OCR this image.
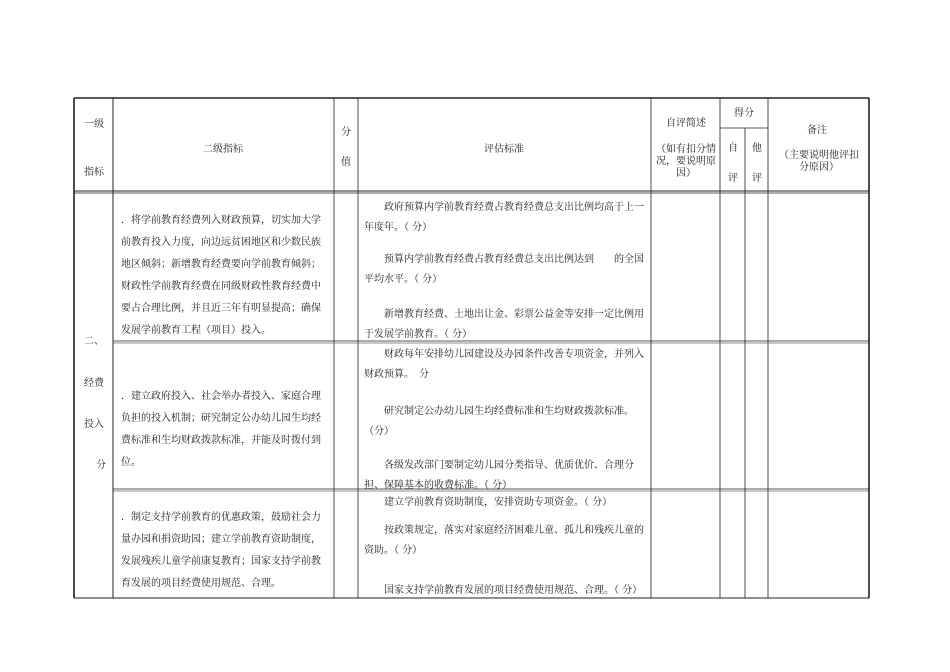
一级
指标
二级指标
分
值
评估标准
自评简述
（如有扣分情况，要说明原因）
得分
自
评
他
评
备注
（主要说明他评扣分原因）
二、
经费
投入
分
．将学前教育经费列入财政预算，切实加大学前教育投入力度，向边远贫困地区和少数民族地区倾斜；新增教育经费要向学前教育倾斜；财政性学前教育经费在同级财政性教育经费中要占合理比例，并且近三年有明显提高；确保发展学前教育工程（项目）投入。
政府预算内学前教育经费占教育经费总支出比例均高于上一年度年。（ 分）
预算内学前教育经费占教育经费总支出比例达到　　的全国平均水平。（ 分）
新增教育经费、土地出让金、彩票公益金等安排一定比例用于发展学前教育。（ 分）
．建立政府投入、社会举办者投入、家庭合理负担的投入机制；研究制定公办幼儿园生均经费标准和生均财政拨款标准，并能及时拨付到位。
财政每年安排幼儿园建设及办园条件改善专项资金，并列入财政预算。　分
研究制定公办幼儿园生均经费标准和生均财政拨款标准。（分）
各级发改部门要制定幼儿园分类指导、优质优价、合理分担、保障基本的收费标准。（ 分）
．制定支持学前教育的优惠政策，鼓励社会力量办园和捐资助园；建立学前教育资助制度，发展残疾儿童学前康复教育；国家支持学前教育发展的项目经费使用规范、合理。
建立学前教育资助制度，安排资助专项资金。（ 分）
按政策规定，落实对家庭经济困难儿童、孤儿和残疾儿童的资助。（ 分）
国家支持学前教育发展的项目经费使用规范、合理。（ 分）
